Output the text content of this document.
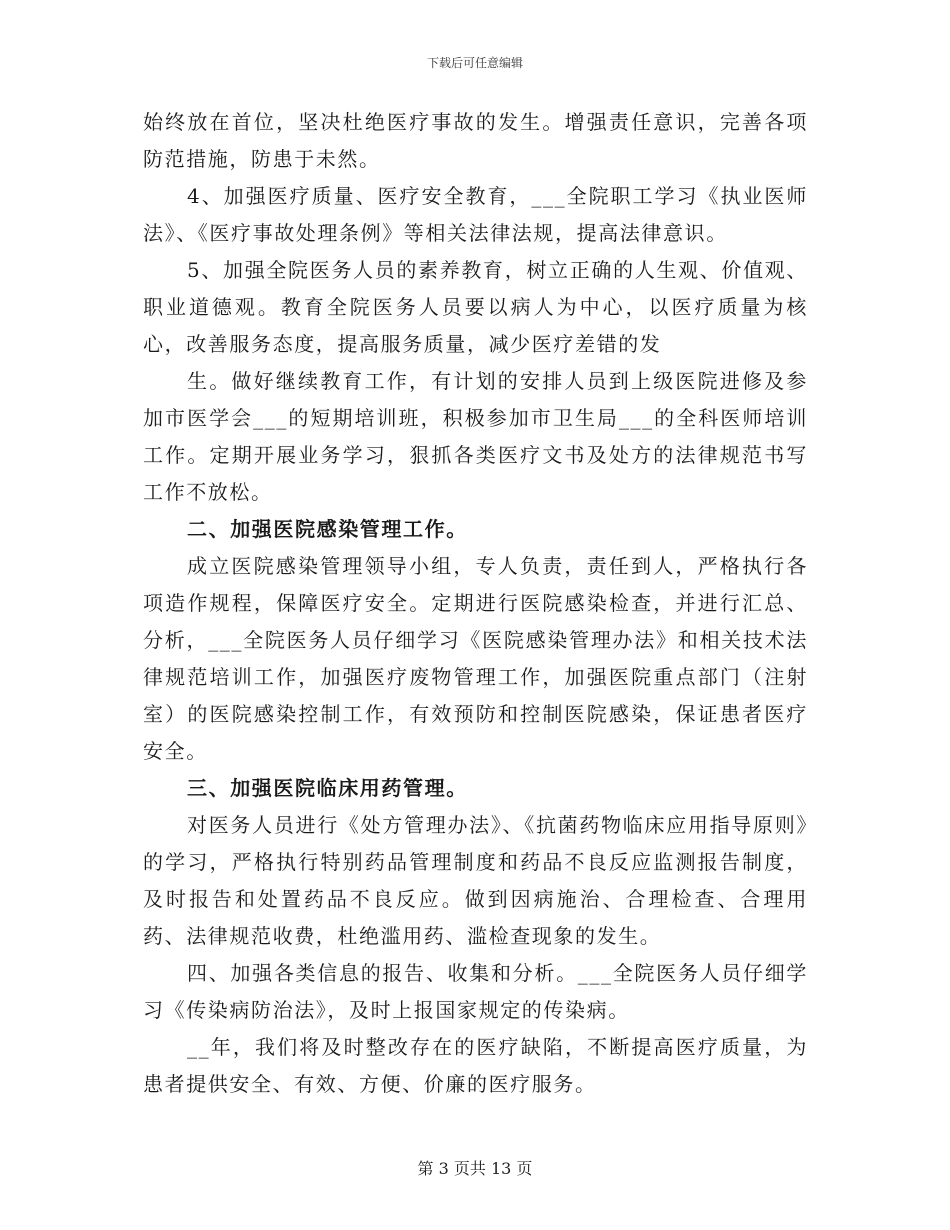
下载后可任意编辑

始终放在首位，坚决杜绝医疗事故的发生。增强责任意识，完善各项防范措施，防患于未然。

4、加强医疗质量、医疗安全教育，___全院职工学习《执业医师法》、《医疗事故处理条例》等相关法律法规，提高法律意识。

5、加强全院医务人员的素养教育，树立正确的人生观、价值观、职业道德观。教育全院医务人员要以病人为中心，以医疗质量为核心，改善服务态度，提高服务质量，减少医疗差错的发

生。做好继续教育工作，有计划的安排人员到上级医院进修及参加市医学会___的短期培训班，积极参加市卫生局___的全科医师培训工作。定期开展业务学习，狠抓各类医疗文书及处方的法律规范书写工作不放松。

二、加强医院感染管理工作。

成立医院感染管理领导小组，专人负责，责任到人，严格执行各项造作规程，保障医疗安全。定期进行医院感染检查，并进行汇总、分析，___全院医务人员仔细学习《医院感染管理办法》和相关技术法律规范培训工作，加强医疗废物管理工作，加强医院重点部门（注射室）的医院感染控制工作，有效预防和控制医院感染，保证患者医疗安全。

三、加强医院临床用药管理。

对医务人员进行《处方管理办法》、《抗菌药物临床应用指导原则》的学习，严格执行特别药品管理制度和药品不良反应监测报告制度，及时报告和处置药品不良反应。做到因病施治、合理检查、合理用药、法律规范收费，杜绝滥用药、滥检查现象的发生。

四、加强各类信息的报告、收集和分析。___全院医务人员仔细学习《传染病防治法》，及时上报国家规定的传染病。

__年，我们将及时整改存在的医疗缺陷，不断提高医疗质量，为患者提供安全、有效、方便、价廉的医疗服务。

第 3 页共 13 页
